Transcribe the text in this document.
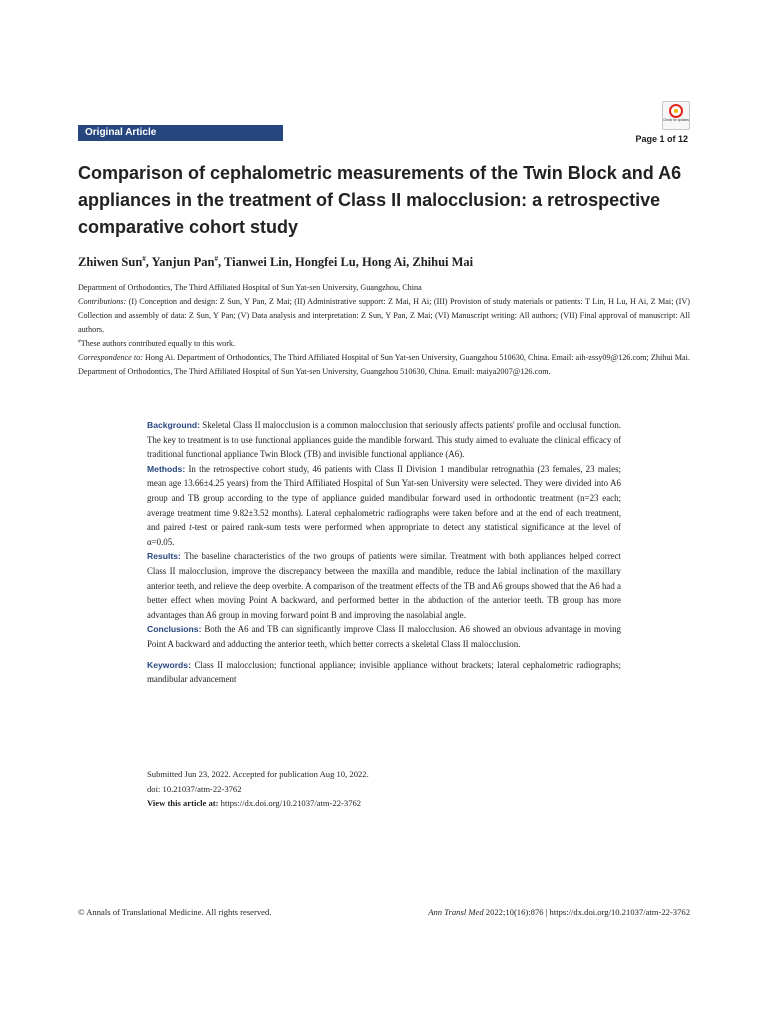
Check for updates
Original Article
Page 1 of 12
Comparison of cephalometric measurements of the Twin Block and A6 appliances in the treatment of Class II malocclusion: a retrospective comparative cohort study
Zhiwen Sun#, Yanjun Pan#, Tianwei Lin, Hongfei Lu, Hong Ai, Zhihui Mai

Department of Orthodontics, The Third Affiliated Hospital of Sun Yat-sen University, Guangzhou, China

Contributions: (I) Conception and design: Z Sun, Y Pan, Z Mai; (II) Administrative support: Z Mai, H Ai; (III) Provision of study materials or patients: T Lin, H Lu, H Ai, Z Mai; (IV) Collection and assembly of data: Z Sun, Y Pan; (V) Data analysis and interpretation: Z Sun, Y Pan, Z Mai; (VI) Manuscript writing: All authors; (VII) Final approval of manuscript: All authors.

#These authors contributed equally to this work.

Correspondence to: Hong Ai. Department of Orthodontics, The Third Affiliated Hospital of Sun Yat-sen University, Guangzhou 510630, China. Email: aih-zssy09@126.com; Zhihui Mai. Department of Orthodontics, The Third Affiliated Hospital of Sun Yat-sen University, Guangzhou 510630, China. Email: maiya2007@126.com.

Background: Skeletal Class II malocclusion is a common malocclusion that seriously affects patients' profile and occlusal function. The key to treatment is to use functional appliances guide the mandible forward. This study aimed to evaluate the clinical efficacy of traditional functional appliance Twin Block (TB) and invisible functional appliance (A6).

Methods: In the retrospective cohort study, 46 patients with Class II Division 1 mandibular retrognathia (23 females, 23 males; mean age 13.66±4.25 years) from the Third Affiliated Hospital of Sun Yat-sen University were selected. They were divided into A6 group and TB group according to the type of appliance guided mandibular forward used in orthodontic treatment (n=23 each; average treatment time 9.82±3.52 months). Lateral cephalometric radiographs were taken before and at the end of each treatment, and paired t-test or paired rank-sum tests were performed when appropriate to detect any statistical significance at the level of α=0.05.

Results: The baseline characteristics of the two groups of patients were similar. Treatment with both appliances helped correct Class II malocclusion, improve the discrepancy between the maxilla and mandible, reduce the labial inclination of the maxillary anterior teeth, and relieve the deep overbite. A comparison of the treatment effects of the TB and A6 groups showed that the A6 had a better effect when moving Point A backward, and performed better in the abduction of the anterior teeth. TB group has more advantages than A6 group in moving forward point B and improving the nasolabial angle.

Conclusions: Both the A6 and TB can significantly improve Class II malocclusion. A6 showed an obvious advantage in moving Point A backward and adducting the anterior teeth, which better corrects a skeletal Class II malocclusion.

Keywords: Class II malocclusion; functional appliance; invisible appliance without brackets; lateral cephalometric radiographs; mandibular advancement

Submitted Jun 23, 2022. Accepted for publication Aug 10, 2022.
doi: 10.21037/atm-22-3762
View this article at: https://dx.doi.org/10.21037/atm-22-3762
© Annals of Translational Medicine. All rights reserved.	Ann Transl Med 2022;10(16):876 | https://dx.doi.org/10.21037/atm-22-3762
